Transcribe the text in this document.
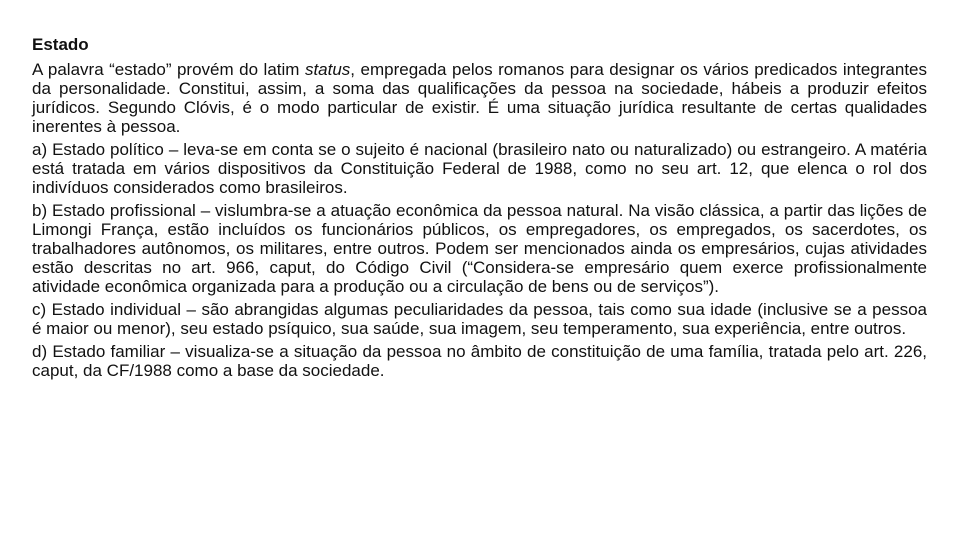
Estado

A palavra “estado” provém do latim status, empregada pelos romanos para designar os vários predicados integrantes da personalidade. Constitui, assim, a soma das qualificações da pessoa na sociedade, hábeis a produzir efeitos jurídicos. Segundo Clóvis, é o modo particular de existir. É uma situação jurídica resultante de certas qualidades inerentes à pessoa.

a) Estado político – leva-se em conta se o sujeito é nacional (brasileiro nato ou naturalizado) ou estrangeiro. A matéria está tratada em vários dispositivos da Constituição Federal de 1988, como no seu art. 12, que elenca o rol dos indivíduos considerados como brasileiros.

b) Estado profissional – vislumbra-se a atuação econômica da pessoa natural. Na visão clássica, a partir das lições de Limongi França, estão incluídos os funcionários públicos, os empregadores, os empregados, os sacerdotes, os trabalhadores autônomos, os militares, entre outros. Podem ser mencionados ainda os empresários, cujas atividades estão descritas no art. 966, caput, do Código Civil (“Considera-se empresário quem exerce profissionalmente atividade econômica organizada para a produção ou a circulação de bens ou de serviços”).

c) Estado individual – são abrangidas algumas peculiaridades da pessoa, tais como sua idade (inclusive se a pessoa é maior ou menor), seu estado psíquico, sua saúde, sua imagem, seu temperamento, sua experiência, entre outros.

d) Estado familiar – visualiza-se a situação da pessoa no âmbito de constituição de uma família, tratada pelo art. 226, caput, da CF/1988 como a base da sociedade.
